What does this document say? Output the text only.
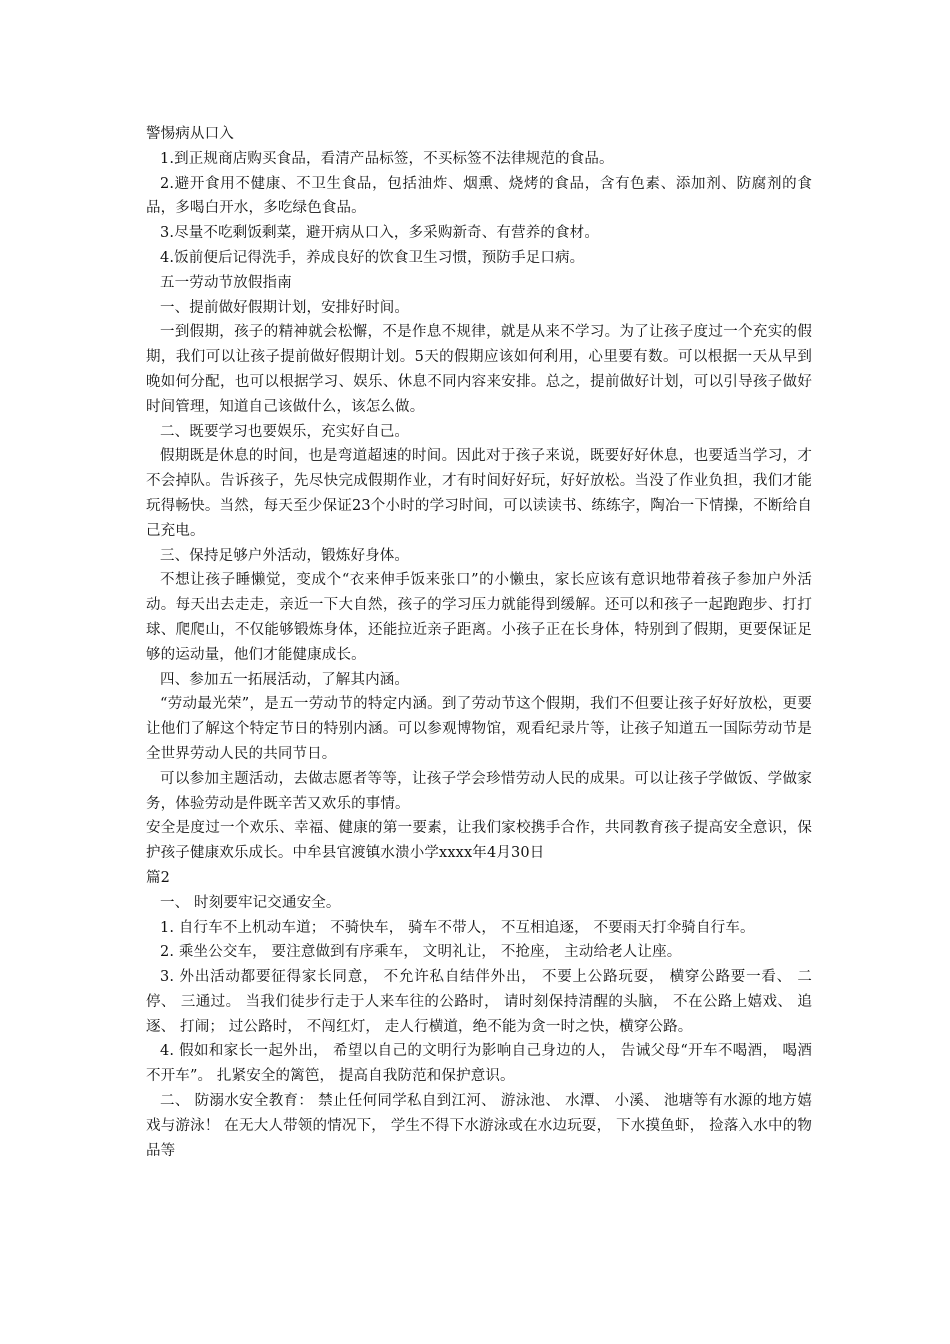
警惕病从口入

1.到正规商店购买食品，看清产品标签，不买标签不法律规范的食品。

2.避开食用不健康、不卫生食品，包括油炸、烟熏、烧烤的食品，含有色素、添加剂、防腐剂的食品，多喝白开水，多吃绿色食品。

3.尽量不吃剩饭剩菜，避开病从口入，多采购新奇、有营养的食材。

4.饭前便后记得洗手，养成良好的饮食卫生习惯，预防手足口病。

五一劳动节放假指南

一、提前做好假期计划，安排好时间。

一到假期，孩子的精神就会松懈，不是作息不规律，就是从来不学习。为了让孩子度过一个充实的假期，我们可以让孩子提前做好假期计划。5天的假期应该如何利用，心里要有数。可以根据一天从早到晚如何分配，也可以根据学习、娱乐、休息不同内容来安排。总之，提前做好计划，可以引导孩子做好时间管理，知道自己该做什么，该怎么做。

二、既要学习也要娱乐，充实好自己。

假期既是休息的时间，也是弯道超速的时间。因此对于孩子来说，既要好好休息，也要适当学习，才不会掉队。告诉孩子，先尽快完成假期作业，才有时间好好玩，好好放松。当没了作业负担，我们才能玩得畅快。当然，每天至少保证23个小时的学习时间，可以读读书、练练字，陶冶一下情操，不断给自己充电。

三、保持足够户外活动，锻炼好身体。

不想让孩子睡懒觉，变成个“衣来伸手饭来张口”的小懒虫，家长应该有意识地带着孩子参加户外活动。每天出去走走，亲近一下大自然，孩子的学习压力就能得到缓解。还可以和孩子一起跑跑步、打打球、爬爬山，不仅能够锻炼身体，还能拉近亲子距离。小孩子正在长身体，特别到了假期，更要保证足够的运动量，他们才能健康成长。

四、参加五一拓展活动，了解其内涵。

“劳动最光荣”，是五一劳动节的特定内涵。到了劳动节这个假期，我们不但要让孩子好好放松，更要让他们了解这个特定节日的特别内涵。可以参观博物馆，观看纪录片等，让孩子知道五一国际劳动节是全世界劳动人民的共同节日。

可以参加主题活动，去做志愿者等等，让孩子学会珍惜劳动人民的成果。可以让孩子学做饭、学做家务，体验劳动是件既辛苦又欢乐的事情。

安全是度过一个欢乐、幸福、健康的第一要素，让我们家校携手合作，共同教育孩子提高安全意识，保护孩子健康欢乐成长。中牟县官渡镇水溃小学xxxx年4月30日

篇2

一、 时刻要牢记交通安全。

1. 自行车不上机动车道； 不骑快车， 骑车不带人， 不互相追逐， 不要雨天打伞骑自行车。

2. 乘坐公交车， 要注意做到有序乘车， 文明礼让， 不抢座， 主动给老人让座。

3. 外出活动都要征得家长同意， 不允许私自结伴外出， 不要上公路玩耍， 横穿公路要一看、 二停、 三通过。 当我们徒步行走于人来车往的公路时， 请时刻保持清醒的头脑， 不在公路上嬉戏、 追逐、 打闹； 过公路时， 不闯红灯， 走人行横道，绝不能为贪一时之快，横穿公路。

4. 假如和家长一起外出， 希望以自己的文明行为影响自己身边的人， 告诫父母“开车不喝酒， 喝酒不开车”。 扎紧安全的篱笆， 提高自我防范和保护意识。

二、 防溺水安全教育： 禁止任何同学私自到江河、 游泳池、 水潭、 小溪、 池塘等有水源的地方嬉戏与游泳！ 在无大人带领的情况下， 学生不得下水游泳或在水边玩耍， 下水摸鱼虾， 捡落入水中的物品等
